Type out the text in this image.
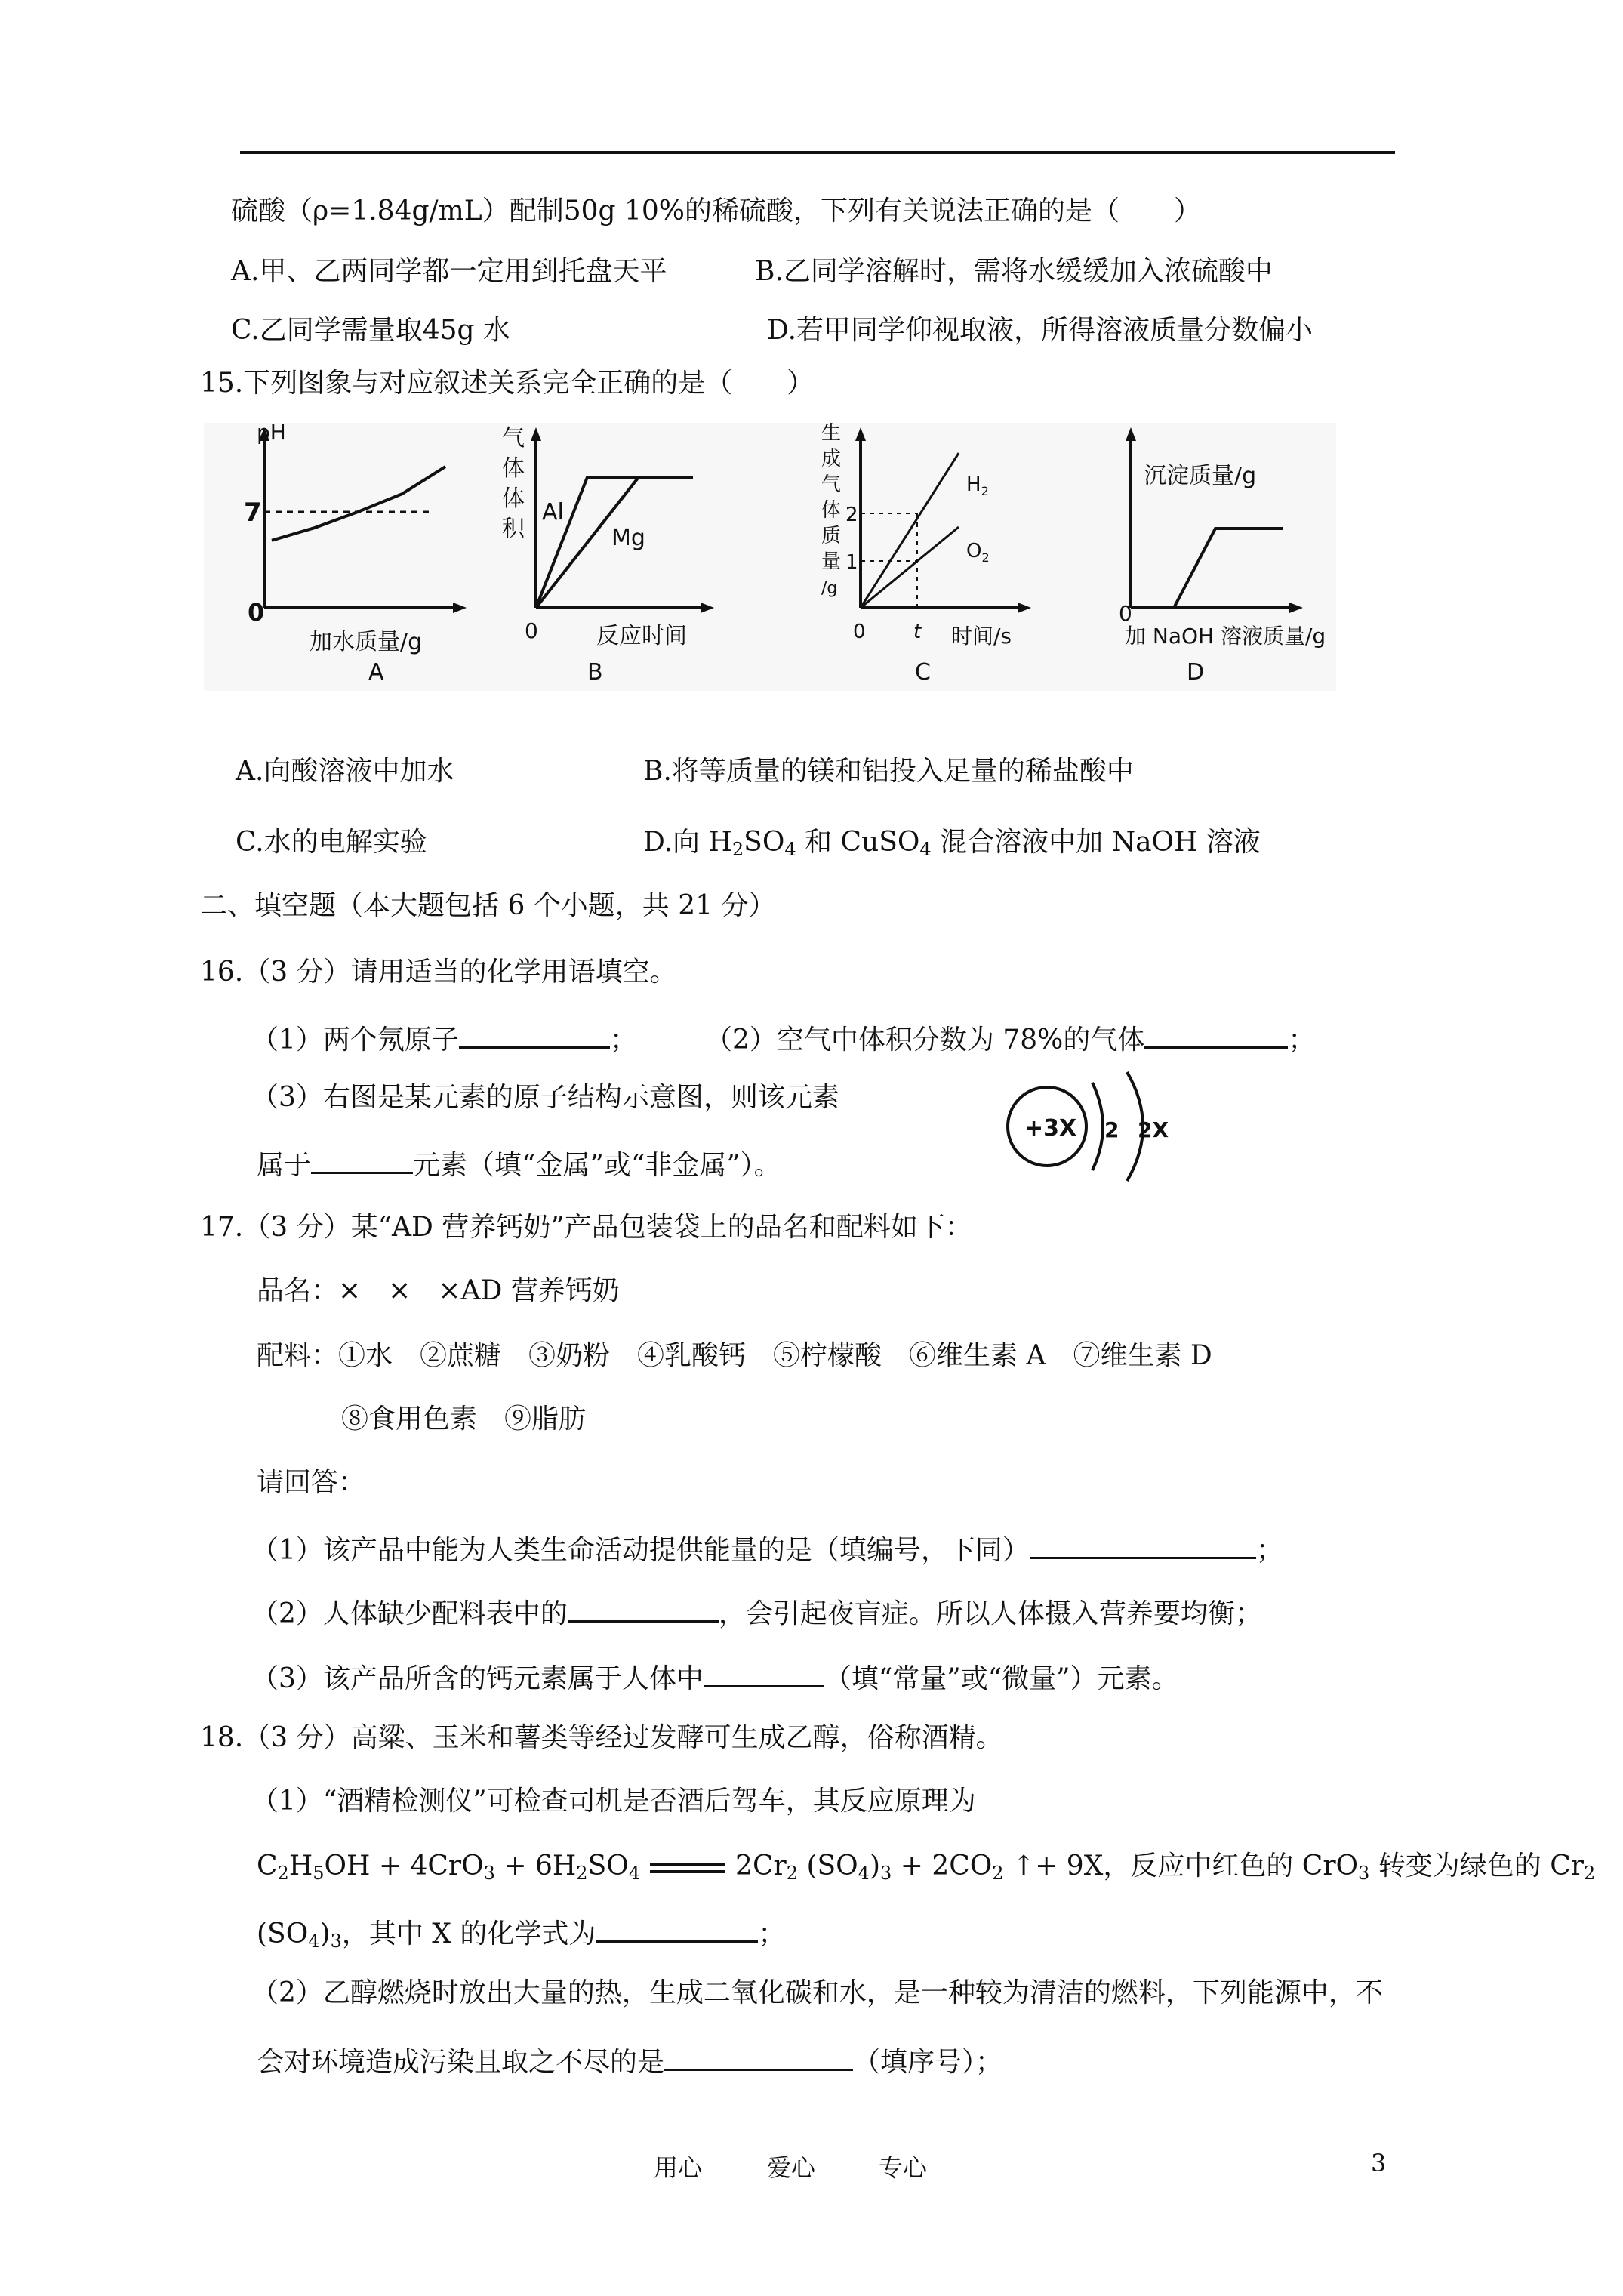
硫酸（ρ=1.84g/mL）配制50g 10%的稀硫酸，下列有关说法正确的是（　　）
A.甲、乙两同学都一定用到托盘天平	B.乙同学溶解时，需将水缓缓加入浓硫酸中
C.乙同学需量取45g 水	D.若甲同学仰视取液，所得溶液质量分数偏小
15.下列图象与对应叙述关系完全正确的是（　　）
pH
7
0
加水质量/g
A
气
体
体
积
Al
Mg
0	反应时间
B
生
成
气
体
质
量
/g
2
1
$H_2$
$O_2$
0 t 时间/s
C
沉淀质量/g
0
加 NaOH 溶液质量/g
D
A.向酸溶液中加水	B.将等质量的镁和铝投入足量的稀盐酸中
C.水的电解实验	D.向 $H_2SO_4$ 和 CuSO$_4$ 混合溶液中加 NaOH 溶液
二、填空题（本大题包括 6 个小题，共 21 分）
16.（3 分）请用适当的化学用语填空。
（1）两个氖原子	；	（2）空气中体积分数为 78%的气体	；
（3）右图是某元素的原子结构示意图，则该元素
属于	元素（填“金属”或“非金属”）。
+3X 2 2X
17.（3 分）某“AD 营养钙奶”产品包装袋上的品名和配料如下：
品名：×　×　×AD 营养钙奶
配料：①水　②蔗糖　③奶粉　④乳酸钙　⑤柠檬酸　⑥维生素 A　⑦维生素 D
⑧食用色素　⑨脂肪
请回答：
（1）该产品中能为人类生命活动提供能量的是（填编号，下同）	；
（2）人体缺少配料表中的	，会引起夜盲症。所以人体摄入营养要均衡；
（3）该产品所含的钙元素属于人体中	（填“常量”或“微量”）元素。
18.（3 分）高粱、玉米和薯类等经过发酵可生成乙醇，俗称酒精。
（1）“酒精检测仪”可检查司机是否酒后驾车，其反应原理为
$C_2H_5OH + 4CrO_3 + 6H_2SO_4$	$2Cr_2$ $(SO_4)_3 + 2CO_2$ ↑+ 9X，反应中红色的 CrO$_3$ 转变为绿色的 $Cr_2$
$(SO_4)_3$，其中 X 的化学式为	；
（2）乙醇燃烧时放出大量的热，生成二氧化碳和水，是一种较为清洁的燃料，下列能源中，不
会对环境造成污染且取之不尽的是	（填序号）；
用心	爱心	专心	3
